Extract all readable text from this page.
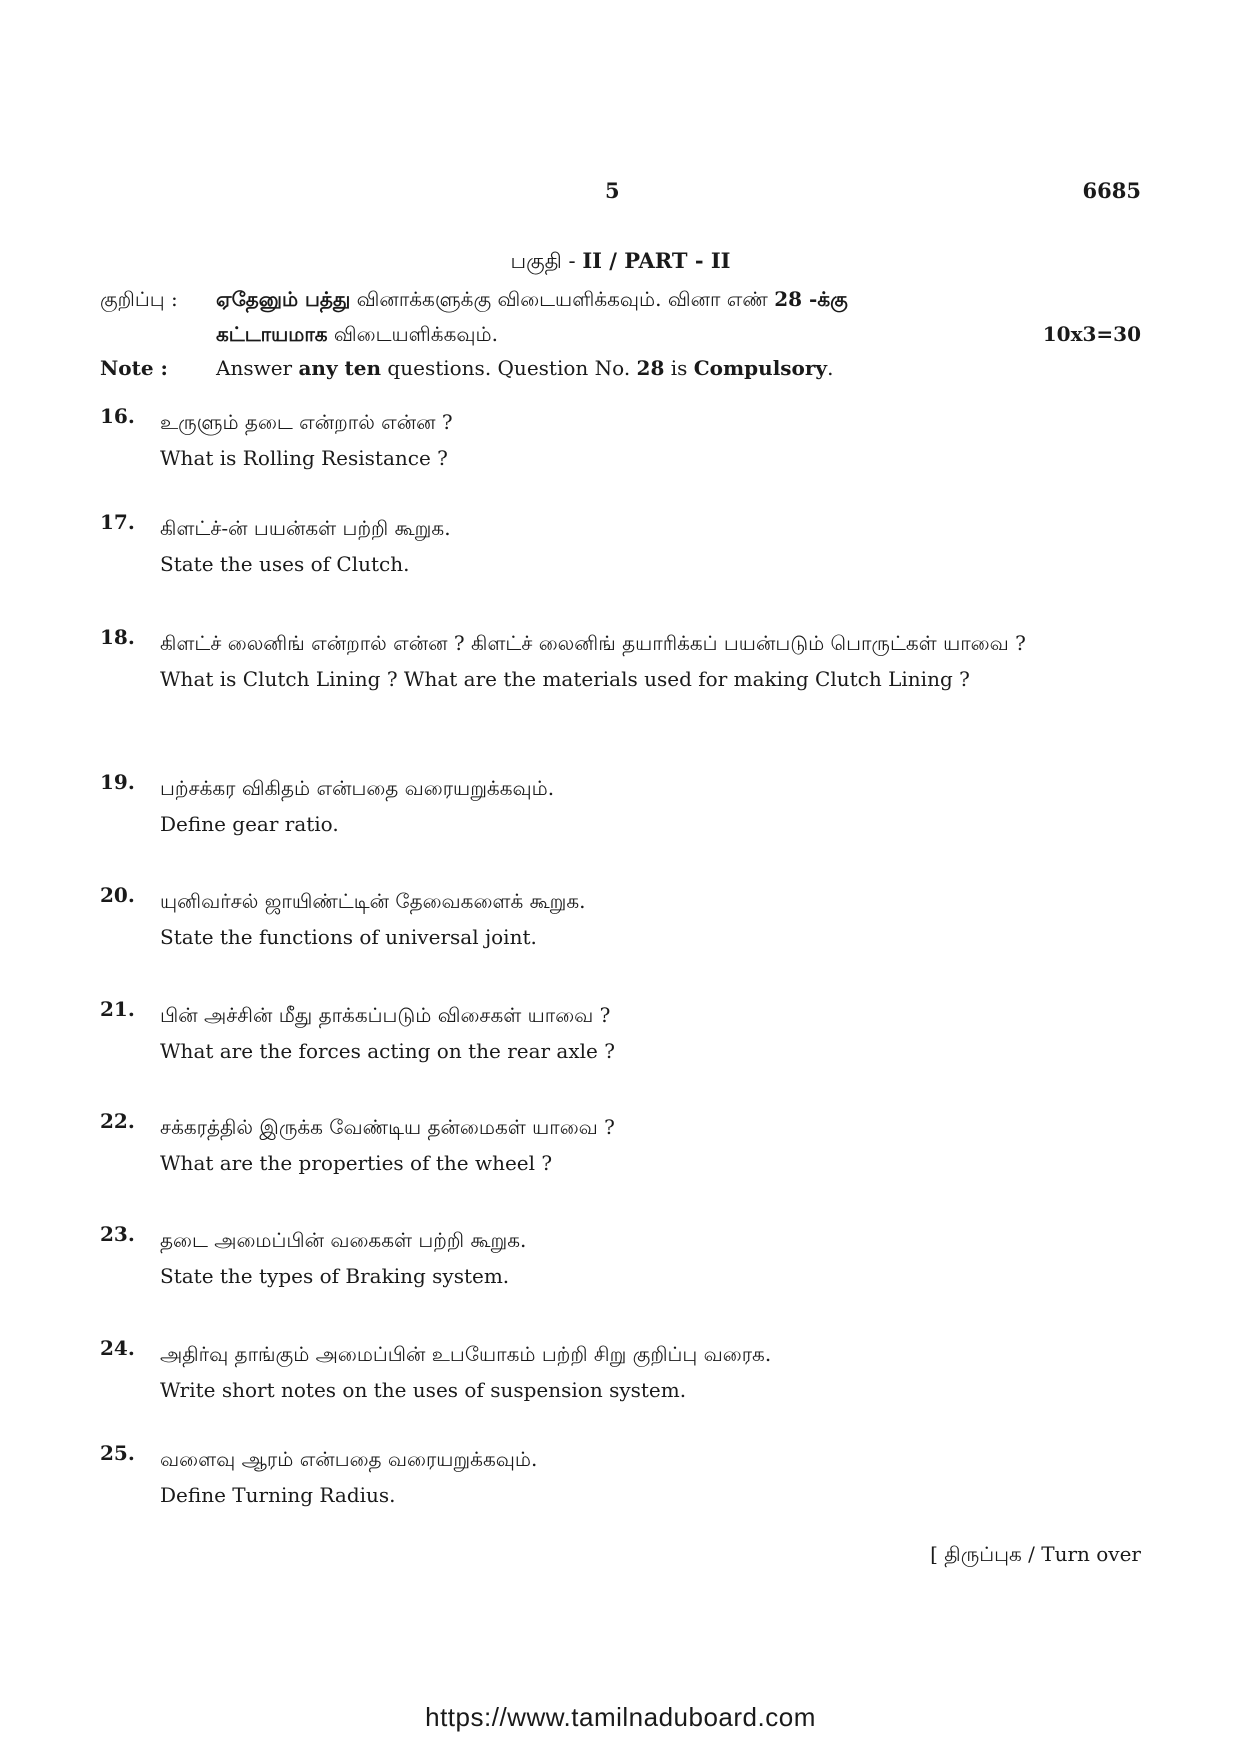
5	6685
பகுதி - II / PART - II
குறிப்பு : ஏதேனும் பத்து வினாக்களுக்கு விடையளிக்கவும். வினா எண் 28 -க்கு
கட்டாயமாக விடையளிக்கவும்.	10x3=30
Note : Answer any ten questions. Question No. 28 is Compulsory.
16.	உருளும் தடை என்றால் என்ன ?
What is Rolling Resistance ?
17.	கிளட்ச்-ன் பயன்கள் பற்றி கூறுக.
State the uses of Clutch.
18.	கிளட்ச் லைனிங் என்றால் என்ன ? கிளட்ச் லைனிங் தயாரிக்கப் பயன்படும் பொருட்கள் யாவை ?
What is Clutch Lining ? What are the materials used for making Clutch Lining ?
19.	பற்சக்கர விகிதம் என்பதை வரையறுக்கவும்.
Define gear ratio.
20.	யுனிவர்சல் ஜாயிண்ட்டின் தேவைகளைக் கூறுக.
State the functions of universal joint.
21.	பின் அச்சின் மீது தாக்கப்படும் விசைகள் யாவை ?
What are the forces acting on the rear axle ?
22.	சக்கரத்தில் இருக்க வேண்டிய தன்மைகள் யாவை ?
What are the properties of the wheel ?
23.	தடை அமைப்பின் வகைகள் பற்றி கூறுக.
State the types of Braking system.
24.	அதிர்வு தாங்கும் அமைப்பின் உபயோகம் பற்றி சிறு குறிப்பு வரைக.
Write short notes on the uses of suspension system.
25.	வளைவு ஆரம் என்பதை வரையறுக்கவும்.
Define Turning Radius.
[ திருப்புக / Turn over
https://www.tamilnaduboard.com
